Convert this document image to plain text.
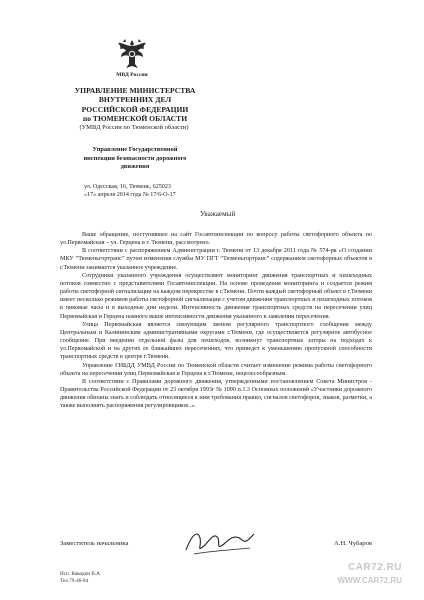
МВД России
УПРАВЛЕНИЕ МИНИСТЕРСТВА
ВНУТРЕННИХ ДЕЛ
РОССИЙСКОЙ ФЕДЕРАЦИИ
по ТЮМЕНСКОЙ ОБЛАСТИ
(УМВД России по Тюменской области)
Управление Государственной
инспекции безопасности дорожного
движения
ул. Одесская, 16, Тюмень, 625023
«17» апреля 2014 года № 17/6-О-17
Уважаемый

Ваше обращение, поступившее на сайт Госавтоинспекции по вопросу работы светофорного объекта по ул.Первомайская – ул. Герцена в г. Тюмени, рассмотрено.

В соответствии с распоряжением Администрации г. Тюмени от 13 декабря 2011 года № 574-рк «О создании МКУ “Тюменьгортранс” путем изменения службы МУ ПГТ “Тюменьгортранс” содержанием светофорных объектов в г.Тюмени занимается указанное учреждение.

Сотрудники указанного учреждения осуществляют мониторинг движения транспортных и пешеходных потоков совместно с представителями Госавтоинспекции. На основе проведения мониторинга и создается режим работы светофорной сигнализации на каждом перекрестке в г.Тюмени. Почти каждый светофорный объект в г.Тюмени имеет несколько режимов работы светофорной сигнализации с учетом движения транспортных и пешеходных потоков в пиковые часы и в выходные дни недели. Интенсивность движения транспортных средств на пересечении улиц Первомайская и Герцена намного выше интенсивности движения указанного в заявлении пересечения.

Улица Первомайская является связующим звеном регулярного транспортного сообщения между Центральным и Калининским административными округами г.Тюмени, где осуществляется регулярное автобусное сообщение. При введении отдельной фазы для пешеходов, возникнут транспортные заторы на подходах к ул.Первомайской и на других ее ближайших пересечениях, что приведет к уменьшению пропускной способности транспортных средств в центре г.Тюмени.

Управление ГИБДД УМВД России по Тюменской области считает изменение режима работы светофорного объекта на пересечении улиц Первомайская и Герцена в г.Тюмени, нецелесообразным.

В соответствии с Правилами дорожного движения, утвержденными постановлением Совета Министров - Правительства Российской Федерации от 23 октября 1993г № 1090 п.1.3 Основных положений «Участники дорожного движения обязаны знать и соблюдать относящиеся к ним требования правил, сигналов светофоров, знаков, разметки, а также выполнять распоряжения регулировщиков..».

Заместитель начальника	А.Н. Чубаров
Исп. Вавадин В.А.
Тел.79-46-84
CAR72.RU
WWW.CAR72.RU
